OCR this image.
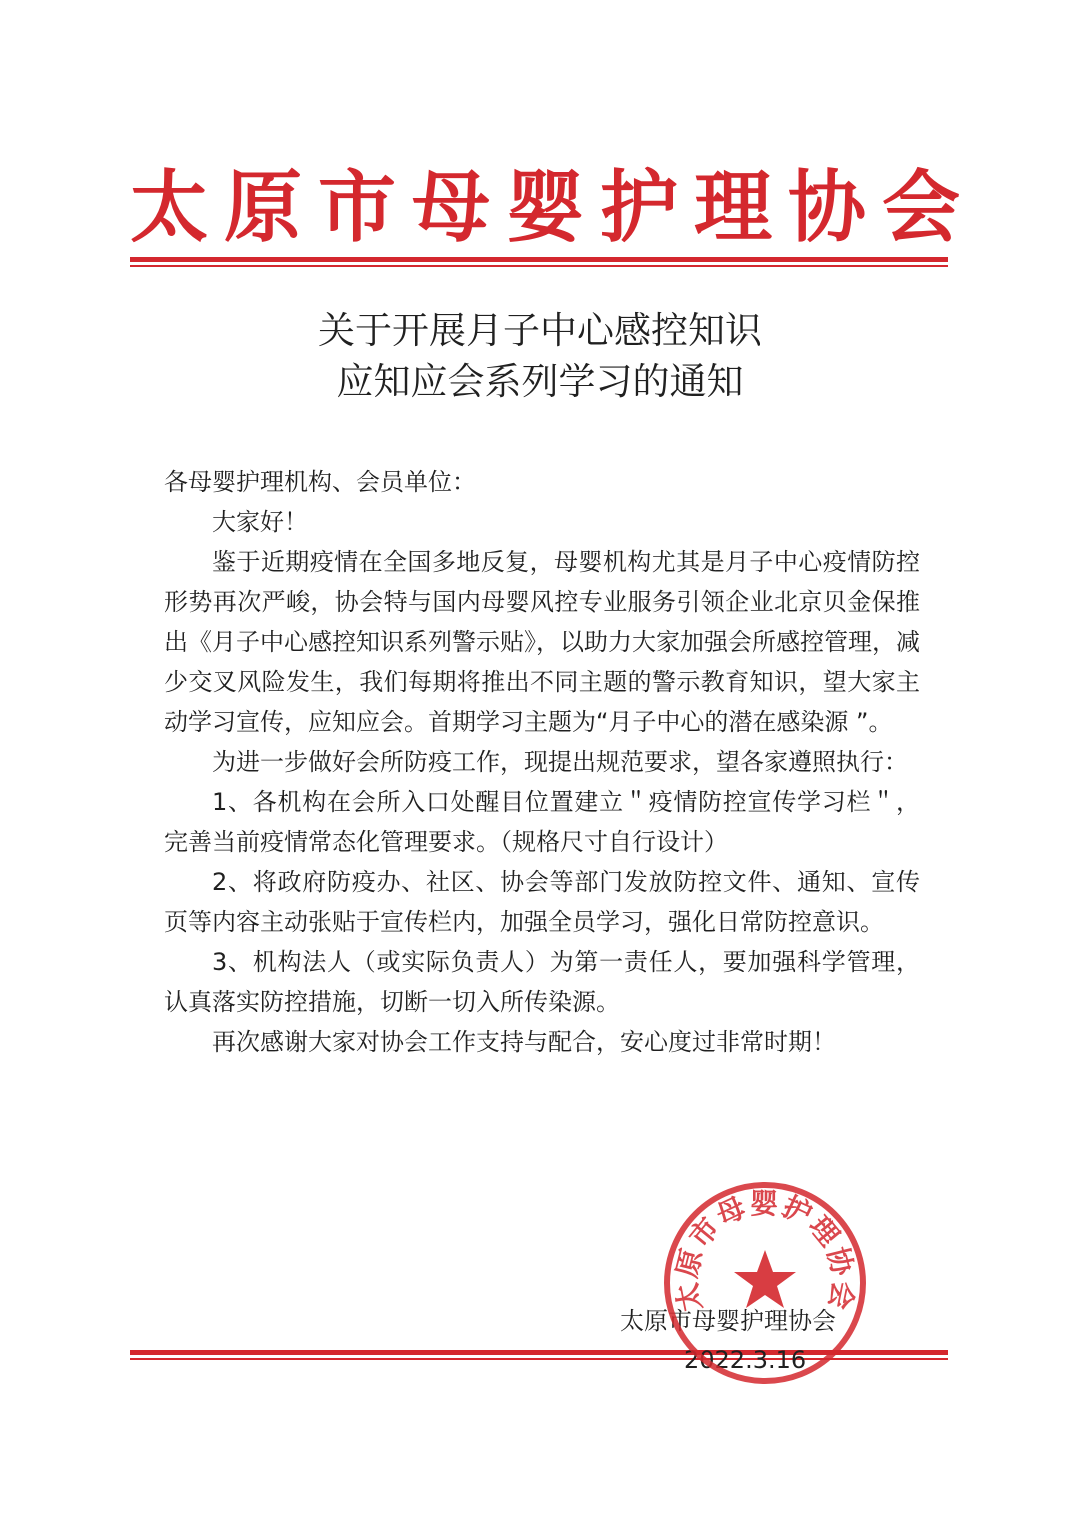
太原市母婴护理协会
关于开展月子中心感控知识
应知应会系列学习的通知

各母婴护理机构、会员单位：

大家好！

鉴于近期疫情在全国多地反复，母婴机构尤其是月子中心疫情防控形势再次严峻，协会特与国内母婴风控专业服务引领企业北京贝金保推出《月子中心感控知识系列警示贴》，以助力大家加强会所感控管理，减少交叉风险发生，我们每期将推出不同主题的警示教育知识，望大家主动学习宣传，应知应会。首期学习主题为“月子中心的潜在感染源 ”。

为进一步做好会所防疫工作，现提出规范要求，望各家遵照执行：

1、各机构在会所入口处醒目位置建立＂疫情防控宣传学习栏＂，完善当前疫情常态化管理要求。（规格尺寸自行设计）

2、将政府防疫办、社区、协会等部门发放防控文件、通知、宣传页等内容主动张贴于宣传栏内，加强全员学习，强化日常防控意识。

3、机构法人（或实际负责人）为第一责任人，要加强科学管理，认真落实防控措施，切断一切入所传染源。

再次感谢大家对协会工作支持与配合，安心度过非常时期！

太原市母婴护理协会
2022.3.16
太原市母婴护理协会
